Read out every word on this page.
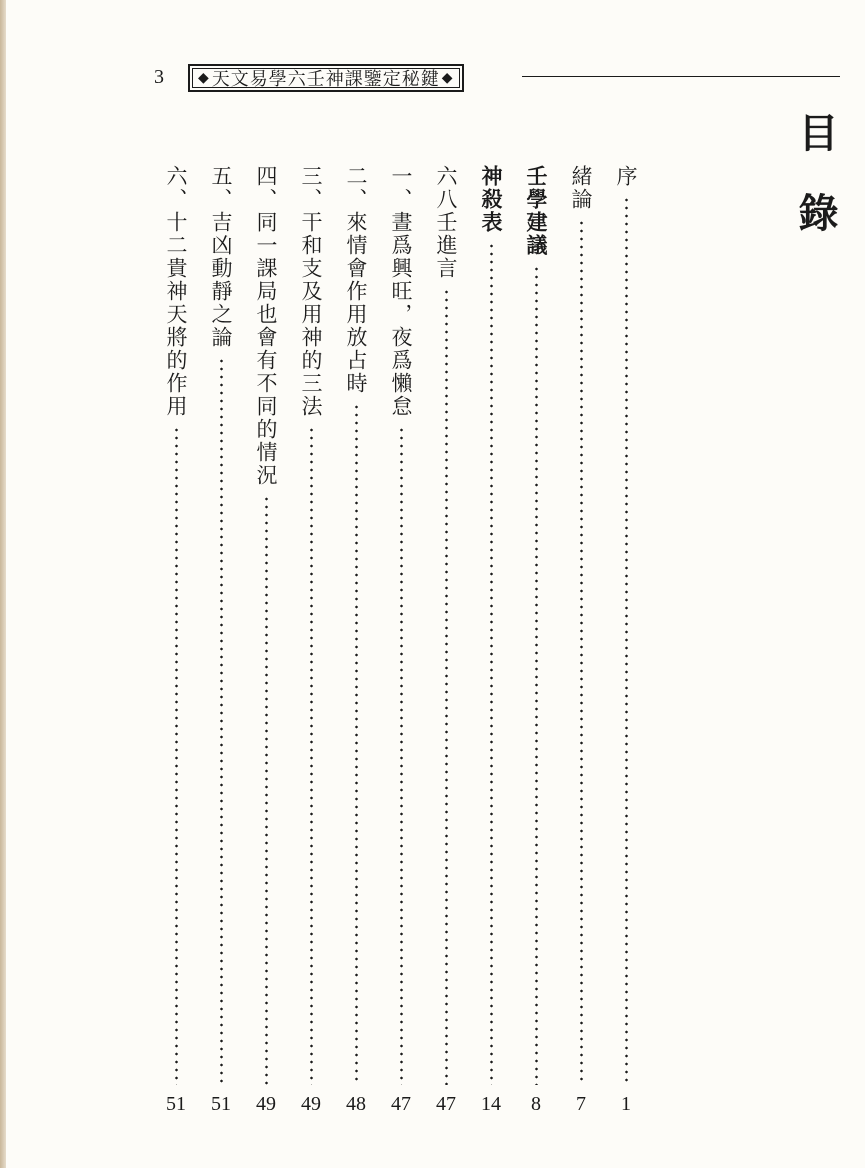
3 ◆ 天文易學六壬神課鑒定秘鍵 ◆
目錄
序
1
緒論
7
壬學建議
8
神殺表
14
六八壬進言
47
一、晝爲興旺，夜爲懶怠
47
二、來情會作用放占時
48
三、干和支及用神的三法
49
四、同一課局也會有不同的情況
49
五、吉凶動靜之論
51
六、十二貴神天將的作用
51
